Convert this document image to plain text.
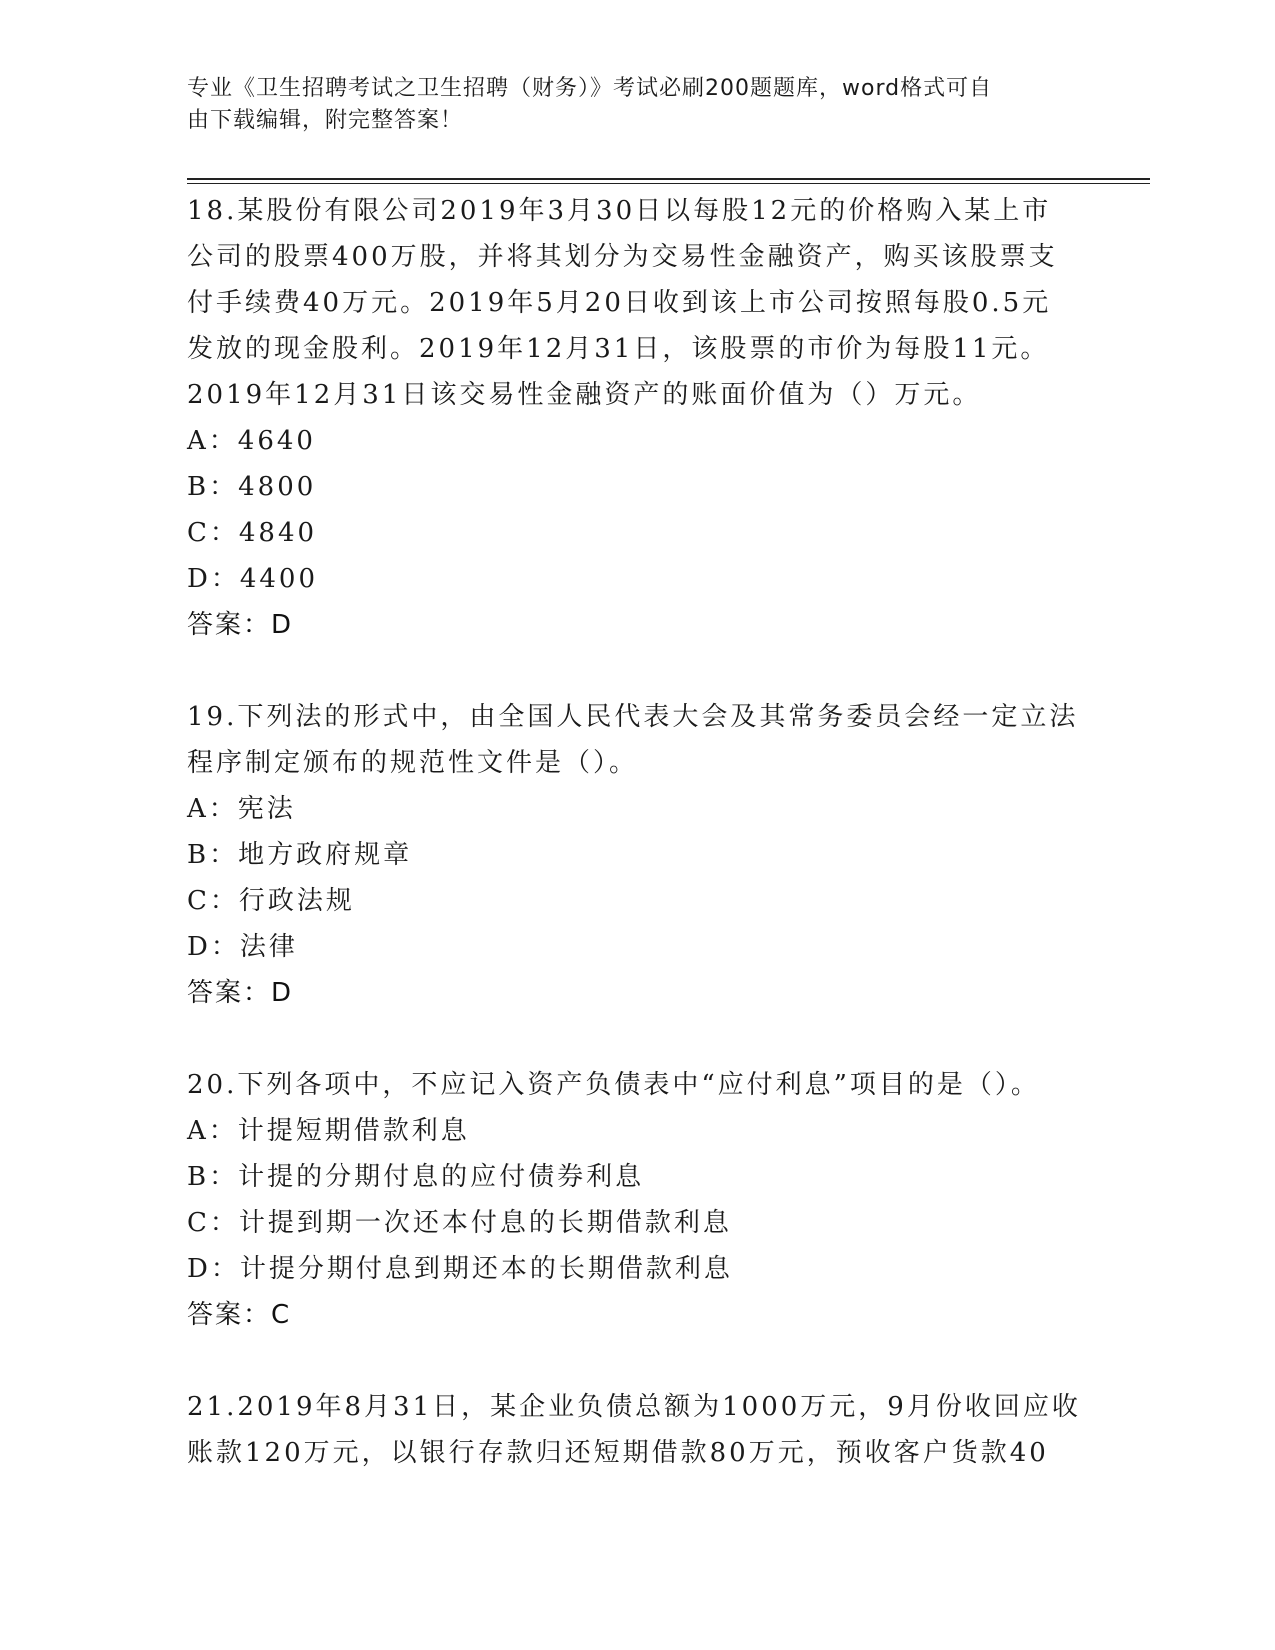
专业《卫生招聘考试之卫生招聘（财务）》考试必刷200题题库，word格式可自
由下载编辑，附完整答案！
18.某股份有限公司2019年3月30日以每股12元的价格购入某上市
公司的股票400万股，并将其划分为交易性金融资产，购买该股票支
付手续费40万元。2019年5月20日收到该上市公司按照每股0.5元
发放的现金股利。2019年12月31日，该股票的市价为每股11元。
2019年12月31日该交易性金融资产的账面价值为（）万元。
A：4640
B：4800
C：4840
D：4400
答案：D
19.下列法的形式中，由全国人民代表大会及其常务委员会经一定立法
程序制定颁布的规范性文件是（）。
A：宪法
B：地方政府规章
C：行政法规
D：法律
答案：D
20.下列各项中，不应记入资产负债表中“应付利息”项目的是（）。
A：计提短期借款利息
B：计提的分期付息的应付债券利息
C：计提到期一次还本付息的长期借款利息
D：计提分期付息到期还本的长期借款利息
答案：C
21.2019年8月31日，某企业负债总额为1000万元，9月份收回应收
账款120万元，以银行存款归还短期借款80万元，预收客户货款40
